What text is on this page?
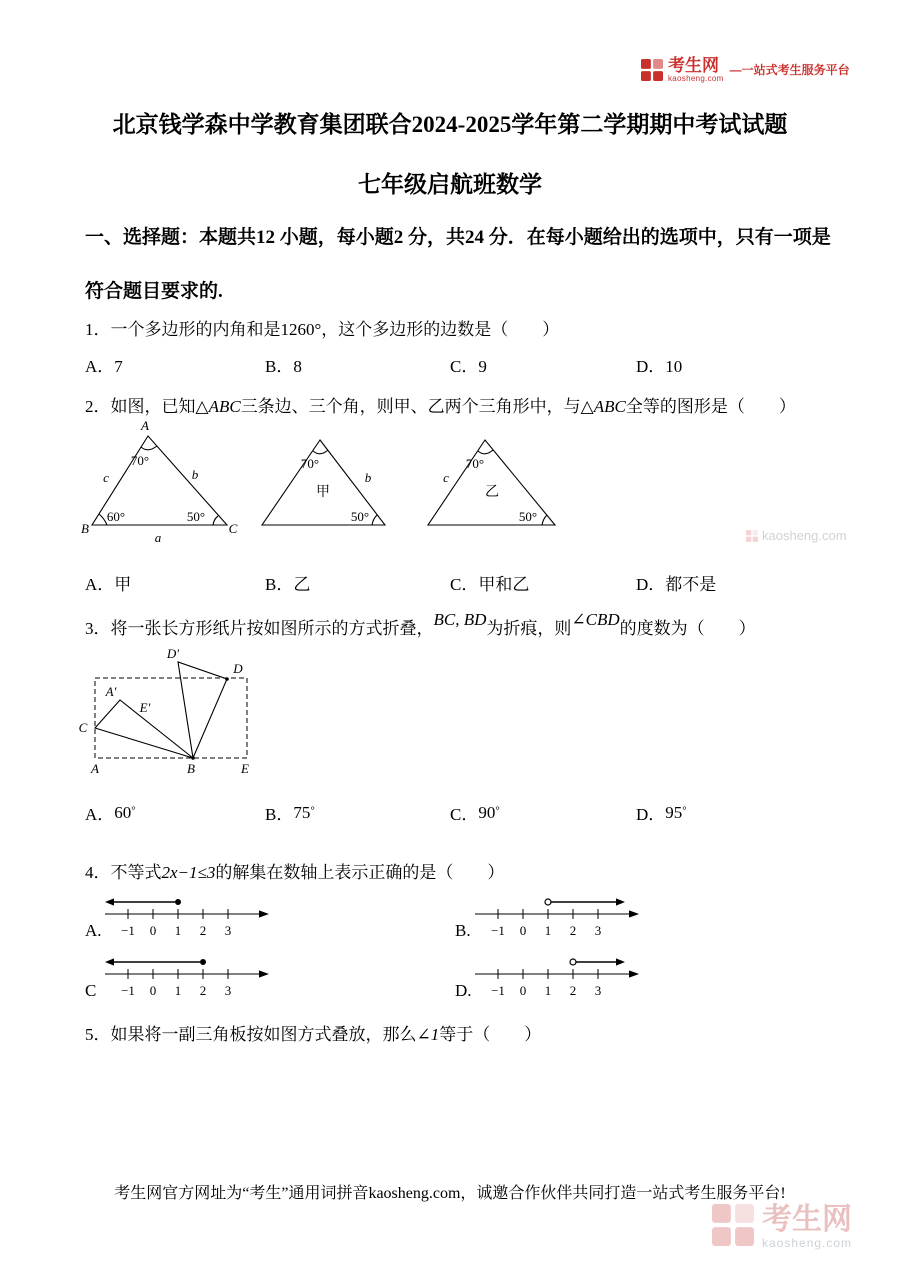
考生网
kaosheng.com
—一站式考生服务平台
北京钱学森中学教育集团联合2024-2025学年第二学期期中考试试题
七年级启航班数学

一、选择题：本题共12 小题，每小题2 分，共24 分．在每小题给出的选项中，只有一项是

符合题目要求的.

1．一个多边形的内角和是1260°，这个多边形的边数是（　　）

A．7	B．8	C．9	D．10

2．如图，已知△ABC三条边、三个角，则甲、乙两个三角形中，与△ABC全等的图形是（　　）

A
70°
c	b
60°	50°
B	C
a
70°
甲
b
50°
70°
c
乙
50°
A．甲	B．乙	C．甲和乙	D．都不是

3．将一张长方形纸片按如图所示的方式折叠，BC, BD为折痕，则∠CBD的度数为（　　）

C
A	B	E
A′
E′
D′
D
A．60°	B．75°	C．90°	D．95°

4．不等式2x−1≤3的解集在数轴上表示正确的是（　　）

A. −1 0 1 2 3	B. −1 0 1 2 3
C −1 0 1 2 3	D. −1 0 1 2 3

5．如果将一副三角板按如图方式叠放，那么∠1等于（　　）

考生网官方网址为“考生”通用词拼音kaosheng.com，诚邀合作伙伴共同打造一站式考生服务平台!

kaosheng.com
考生网
kaosheng.com
